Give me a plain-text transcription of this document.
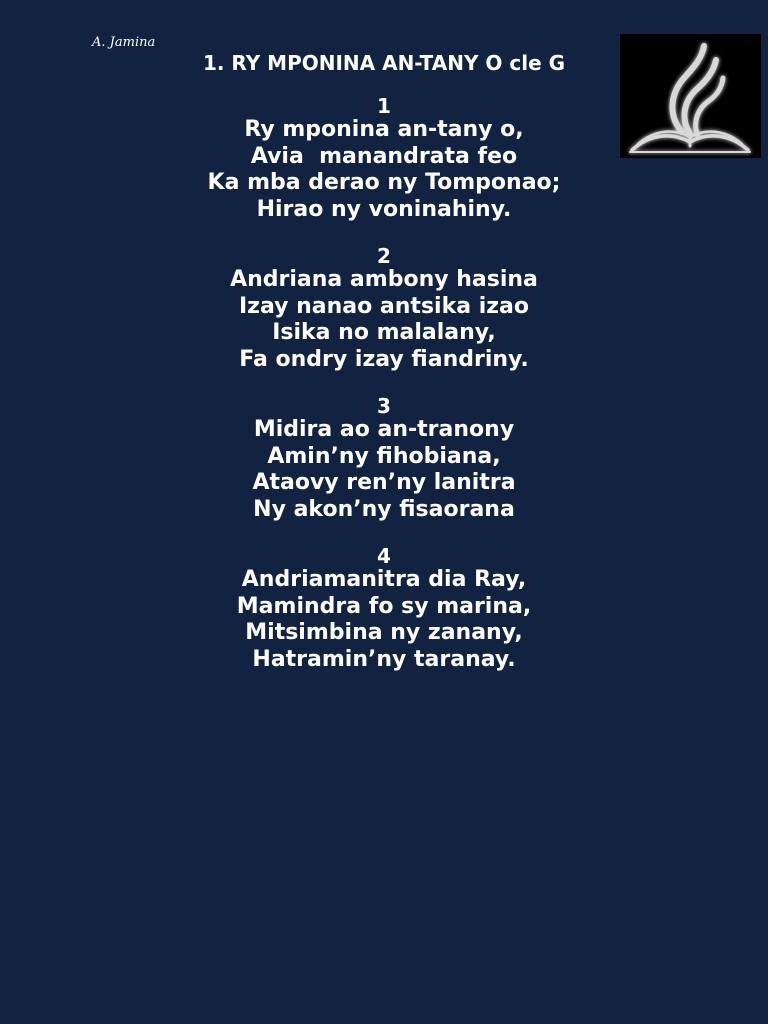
A. Jamina
1. RY MPONINA AN-TANY O cle G
1
Ry mponina an-tany o,
Avia  manandrata feo
Ka mba derao ny Tomponao;
Hirao ny voninahiny.
2
Andriana ambony hasina
Izay nanao antsika izao
Isika no malalany,
Fa ondry izay fiandriny.
3
Midira ao an-tranony
Amin’ny fihobiana,
Ataovy ren’ny lanitra
Ny akon’ny fisaorana
4
Andriamanitra dia Ray,
Mamindra fo sy marina,
Mitsimbina ny zanany,
Hatramin’ny taranay.
